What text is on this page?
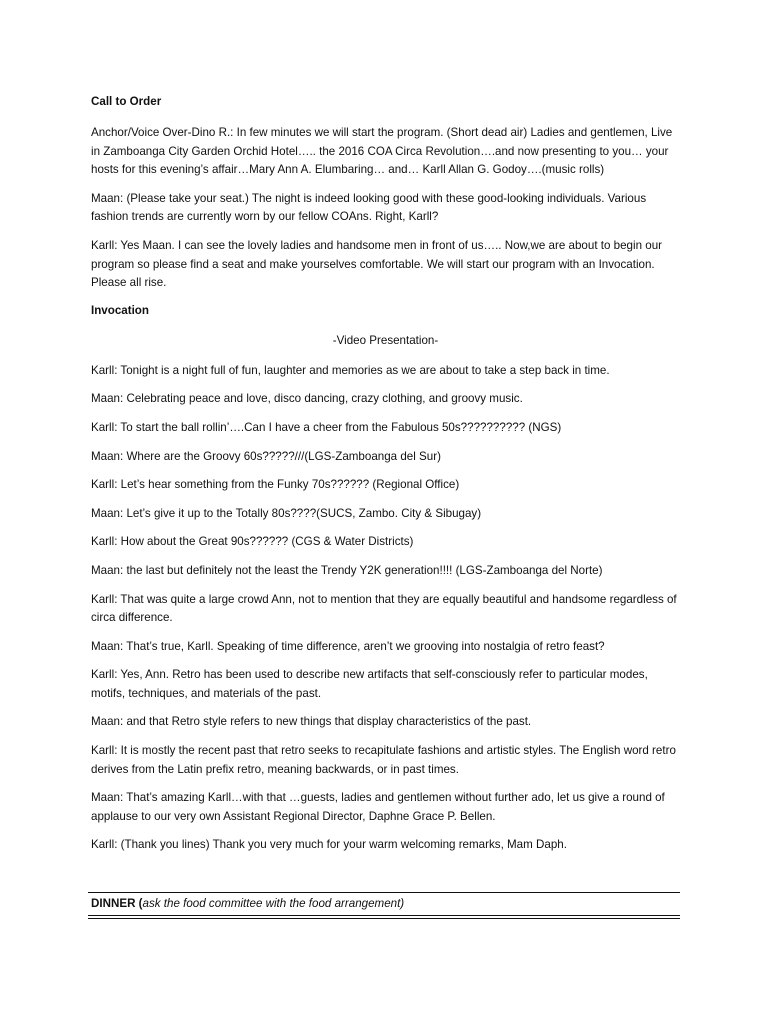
Call to Order

Anchor/Voice Over-Dino R.: In few minutes we will start the program. (Short dead air) Ladies and gentlemen, Live in Zamboanga City Garden Orchid Hotel….. the 2016 COA Circa Revolution….and now presenting to you… your hosts for this evening’s affair…Mary Ann A. Elumbaring… and… Karll Allan G. Godoy….(music rolls)

Maan: (Please take your seat.) The night is indeed looking good with these good-looking individuals. Various fashion trends are currently worn by our fellow COAns. Right, Karll?

Karll: Yes Maan. I can see the lovely ladies and handsome men in front of us….. Now,we are about to begin our program so please find a seat and make yourselves comfortable. We will start our program with an Invocation. Please all rise.

Invocation
-Video Presentation-

Karll: Tonight is a night full of fun, laughter and memories as we are about to take a step back in time.

Maan: Celebrating peace and love, disco dancing, crazy clothing, and groovy music.

Karll: To start the ball rollin’….Can I have a cheer from the Fabulous 50s?????????? (NGS)

Maan: Where are the Groovy 60s?????///(LGS-Zamboanga del Sur)

Karll: Let’s hear something from the Funky 70s?????? (Regional Office)

Maan: Let’s give it up to the Totally 80s????(SUCS, Zambo. City & Sibugay)

Karll: How about the Great 90s?????? (CGS & Water Districts)

Maan: the last but definitely not the least the Trendy Y2K generation!!!! (LGS-Zamboanga del Norte)

Karll: That was quite a large crowd Ann, not to mention that they are equally beautiful and handsome regardless of circa difference.

Maan: That’s true, Karll. Speaking of time difference, aren’t we grooving into nostalgia of retro feast?

Karll: Yes, Ann. Retro has been used to describe new artifacts that self-consciously refer to particular modes, motifs, techniques, and materials of the past.

Maan: and that Retro style refers to new things that display characteristics of the past.

Karll: It is mostly the recent past that retro seeks to recapitulate fashions and artistic styles. The English word retro derives from the Latin prefix retro, meaning backwards, or in past times.

Maan: That’s amazing Karll…with that …guests, ladies and gentlemen without further ado, let us give a round of applause to our very own Assistant Regional Director, Daphne Grace P. Bellen.

Karll: (Thank you lines) Thank you very much for your warm welcoming remarks, Mam Daph.

DINNER (ask the food committee with the food arrangement)
